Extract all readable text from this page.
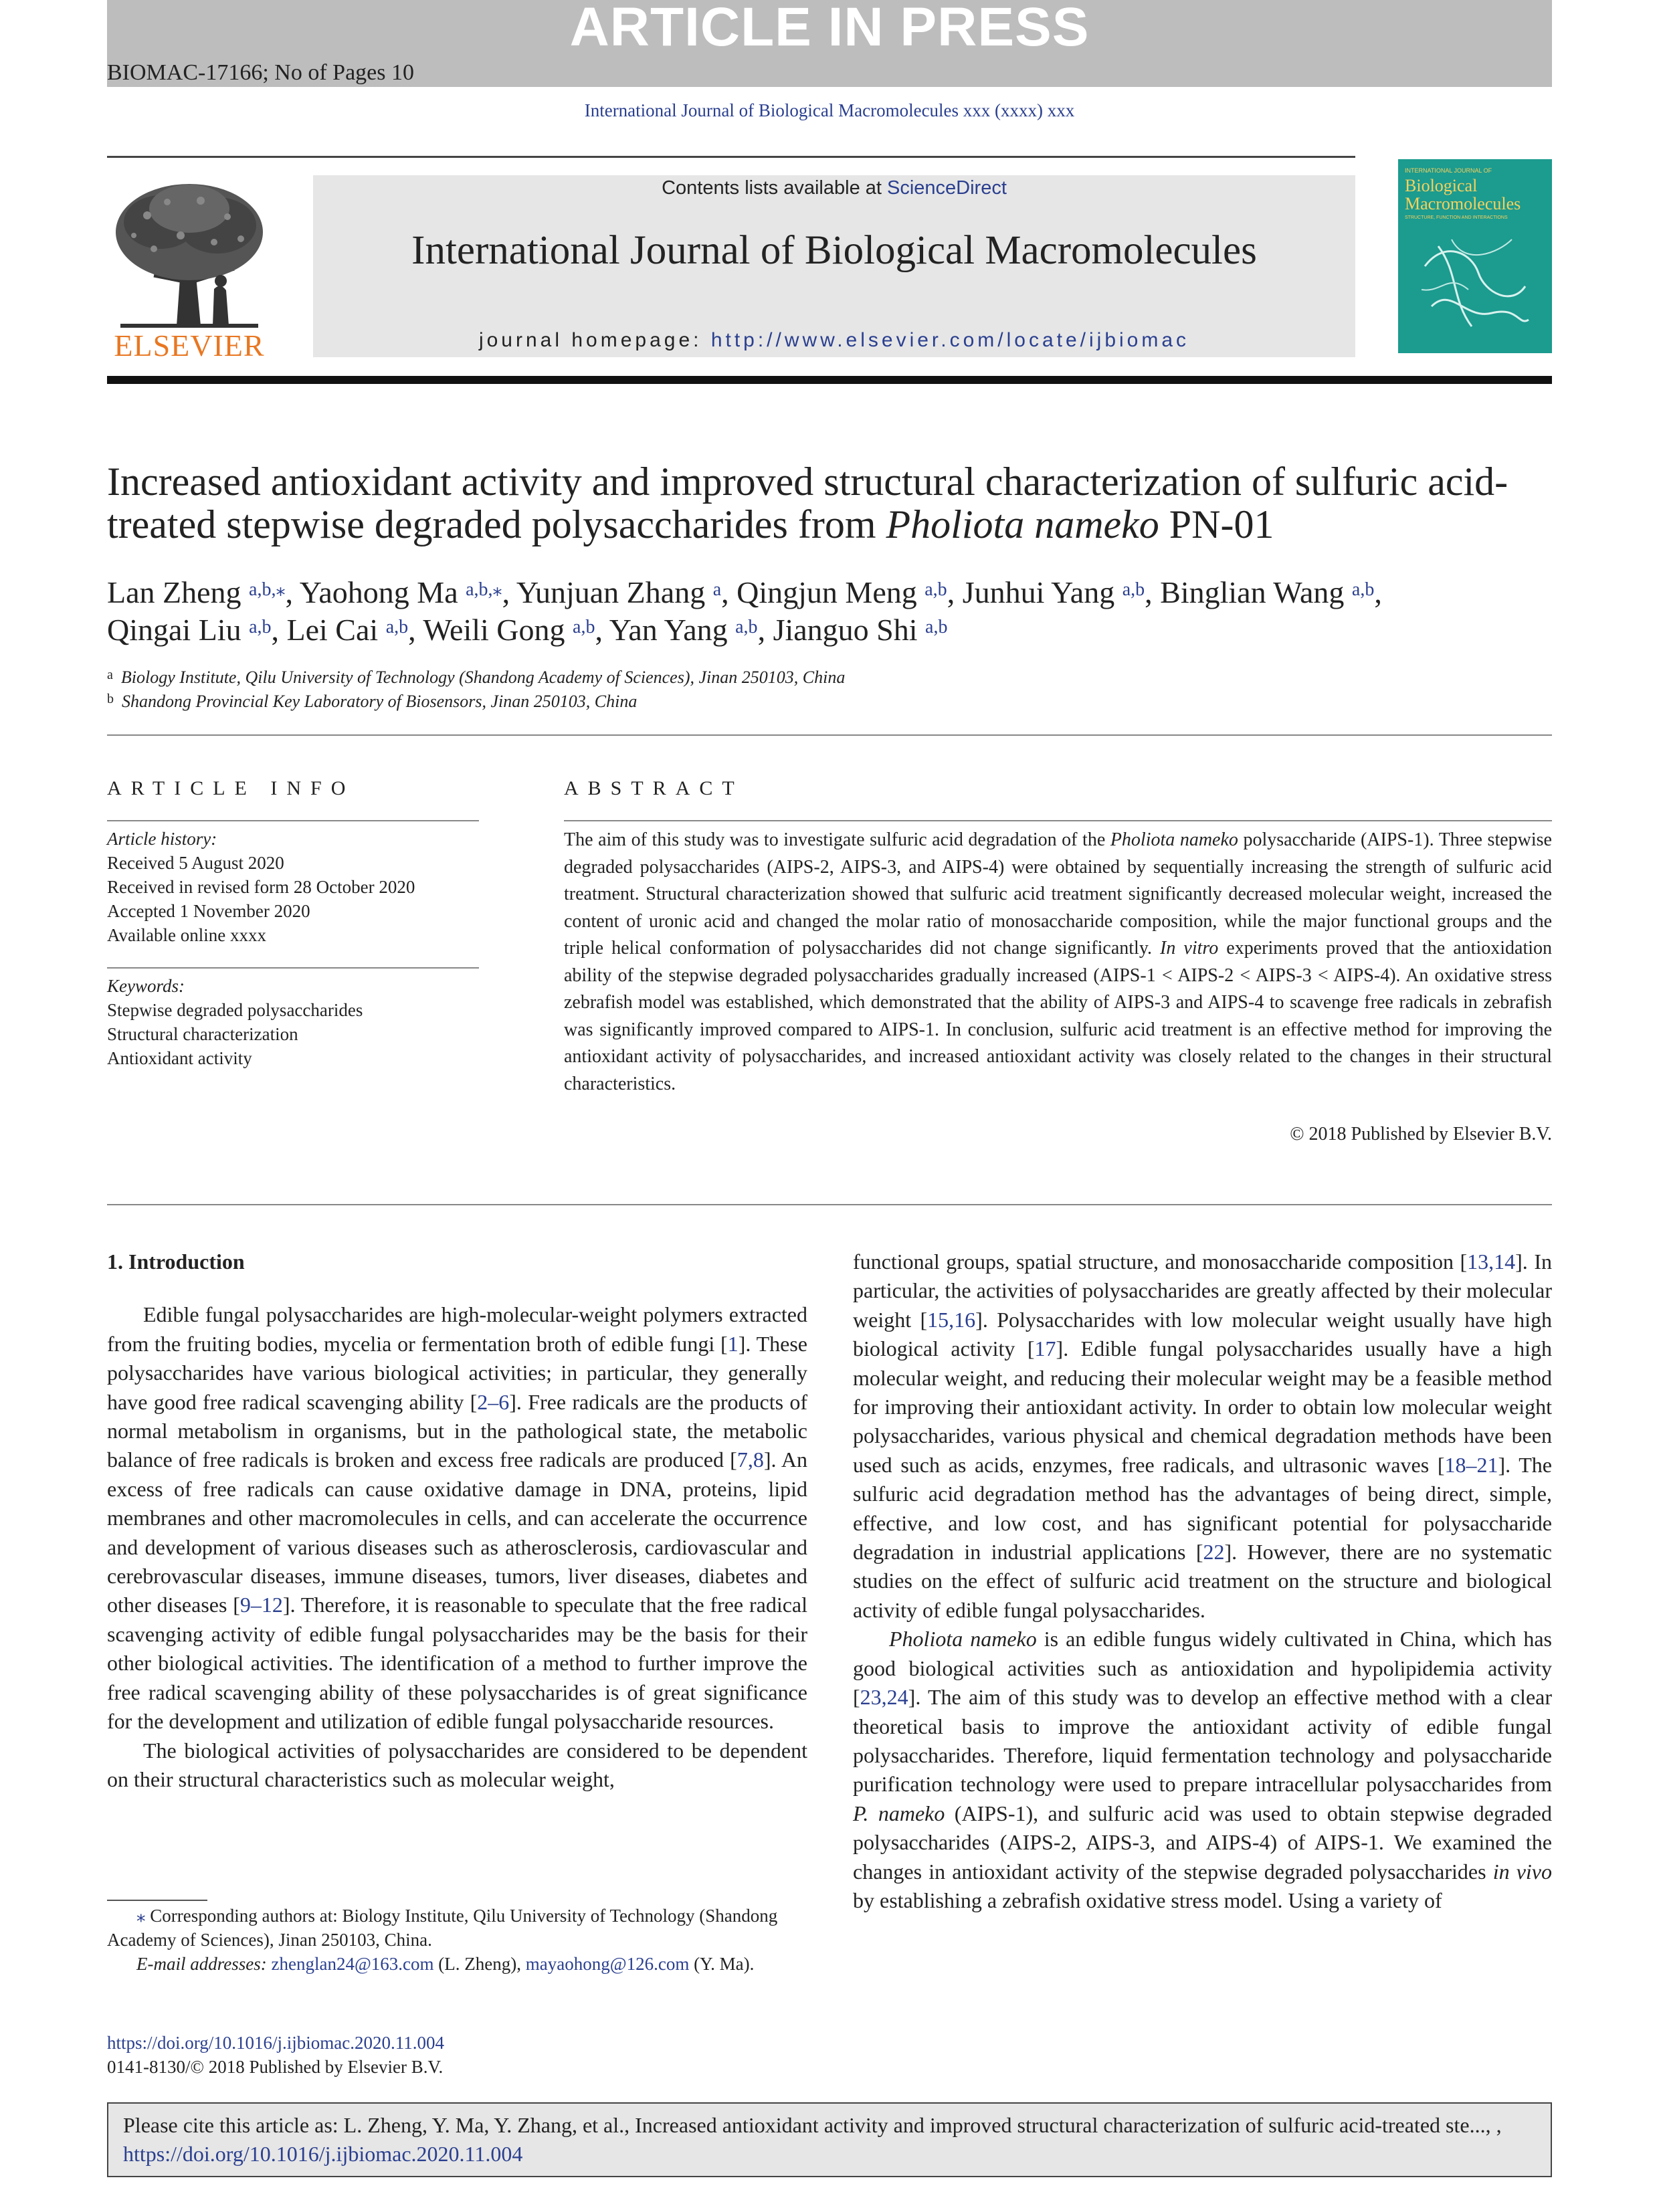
ARTICLE IN PRESS
BIOMAC-17166; No of Pages 10
International Journal of Biological Macromolecules xxx (xxxx) xxx
ELSEVIER
Contents lists available at ScienceDirect
International Journal of Biological Macromolecules
journal homepage: http://www.elsevier.com/locate/ijbiomac
INTERNATIONAL JOURNAL OF
Biological
Macromolecules
STRUCTURE, FUNCTION AND INTERACTIONS
Increased antioxidant activity and improved structural characterization of sulfuric acid-treated stepwise degraded polysaccharides from Pholiota nameko PN-01
Lan Zheng $^{a,b,⁎}$, Yaohong Ma $^{a,b,⁎}$, Yunjuan Zhang $^a$, Qingjun Meng $^{a,b}$, Junhui Yang $^{a,b}$, Binglian Wang $^{a,b}$,
Qingai Liu $^{a,b}$, Lei Cai $^{a,b}$, Weili Gong $^{a,b}$, Yan Yang $^{a,b}$, Jianguo Shi $^{a,b}$
$^a$ Biology Institute, Qilu University of Technology (Shandong Academy of Sciences), Jinan 250103, China
$^b$ Shandong Provincial Key Laboratory of Biosensors, Jinan 250103, China
ARTICLE INFO	ABSTRACT
Article history:
Received 5 August 2020
Received in revised form 28 October 2020
Accepted 1 November 2020
Available online xxxx
Keywords:
Stepwise degraded polysaccharides
Structural characterization
Antioxidant activity
The aim of this study was to investigate sulfuric acid degradation of the Pholiota nameko polysaccharide (AIPS-1). Three stepwise degraded polysaccharides (AIPS-2, AIPS-3, and AIPS-4) were obtained by sequentially increasing the strength of sulfuric acid treatment. Structural characterization showed that sulfuric acid treatment significantly decreased molecular weight, increased the content of uronic acid and changed the molar ratio of monosaccharide composition, while the major functional groups and the triple helical conformation of polysaccharides did not change significantly. In vitro experiments proved that the antioxidation ability of the stepwise degraded polysaccharides gradually increased (AIPS-1 < AIPS-2 < AIPS-3 < AIPS-4). An oxidative stress zebrafish model was established, which demonstrated that the ability of AIPS-3 and AIPS-4 to scavenge free radicals in zebrafish was significantly improved compared to AIPS-1. In conclusion, sulfuric acid treatment is an effective method for improving the antioxidant activity of polysaccharides, and increased antioxidant activity was closely related to the changes in their structural characteristics.
© 2018 Published by Elsevier B.V.
1. Introduction

Edible fungal polysaccharides are high-molecular-weight polymers extracted from the fruiting bodies, mycelia or fermentation broth of edible fungi [1]. These polysaccharides have various biological activities; in particular, they generally have good free radical scavenging ability [2–6]. Free radicals are the products of normal metabolism in organisms, but in the pathological state, the metabolic balance of free radicals is broken and excess free radicals are produced [7,8]. An excess of free radicals can cause oxidative damage in DNA, proteins, lipid membranes and other macromolecules in cells, and can accelerate the occurrence and development of various diseases such as atherosclerosis, cardiovascular and cerebrovascular diseases, immune diseases, tumors, liver diseases, diabetes and other diseases [9–12]. Therefore, it is reasonable to speculate that the free radical scavenging activity of edible fungal polysaccharides may be the basis for their other biological activities. The identification of a method to further improve the free radical scavenging ability of these polysaccharides is of great significance for the development and utilization of edible fungal polysaccharide resources.

The biological activities of polysaccharides are considered to be dependent on their structural characteristics such as molecular weight,

functional groups, spatial structure, and monosaccharide composition [13,14]. In particular, the activities of polysaccharides are greatly affected by their molecular weight [15,16]. Polysaccharides with low molecular weight usually have high biological activity [17]. Edible fungal polysaccharides usually have a high molecular weight, and reducing their molecular weight may be a feasible method for improving their antioxidant activity. In order to obtain low molecular weight polysaccharides, various physical and chemical degradation methods have been used such as acids, enzymes, free radicals, and ultrasonic waves [18–21]. The sulfuric acid degradation method has the advantages of being direct, simple, effective, and low cost, and has significant potential for polysaccharide degradation in industrial applications [22]. However, there are no systematic studies on the effect of sulfuric acid treatment on the structure and biological activity of edible fungal polysaccharides.

Pholiota nameko is an edible fungus widely cultivated in China, which has good biological activities such as antioxidation and hypolipidemia activity [23,24]. The aim of this study was to develop an effective method with a clear theoretical basis to improve the antioxidant activity of edible fungal polysaccharides. Therefore, liquid fermentation technology and polysaccharide purification technology were used to prepare intracellular polysaccharides from P. nameko (AIPS-1), and sulfuric acid was used to obtain stepwise degraded polysaccharides (AIPS-2, AIPS-3, and AIPS-4) of AIPS-1. We examined the changes in antioxidant activity of the stepwise degraded polysaccharides in vivo by establishing a zebrafish oxidative stress model. Using a variety of

⁎ Corresponding authors at: Biology Institute, Qilu University of Technology (Shandong Academy of Sciences), Jinan 250103, China.

E-mail addresses: zhenglan24@163.com (L. Zheng), mayaohong@126.com (Y. Ma).

https://doi.org/10.1016/j.ijbiomac.2020.11.004
0141-8130/© 2018 Published by Elsevier B.V.
Please cite this article as: L. Zheng, Y. Ma, Y. Zhang, et al., Increased antioxidant activity and improved structural characterization of sulfuric acid-treated ste..., , https://doi.org/10.1016/j.ijbiomac.2020.11.004
